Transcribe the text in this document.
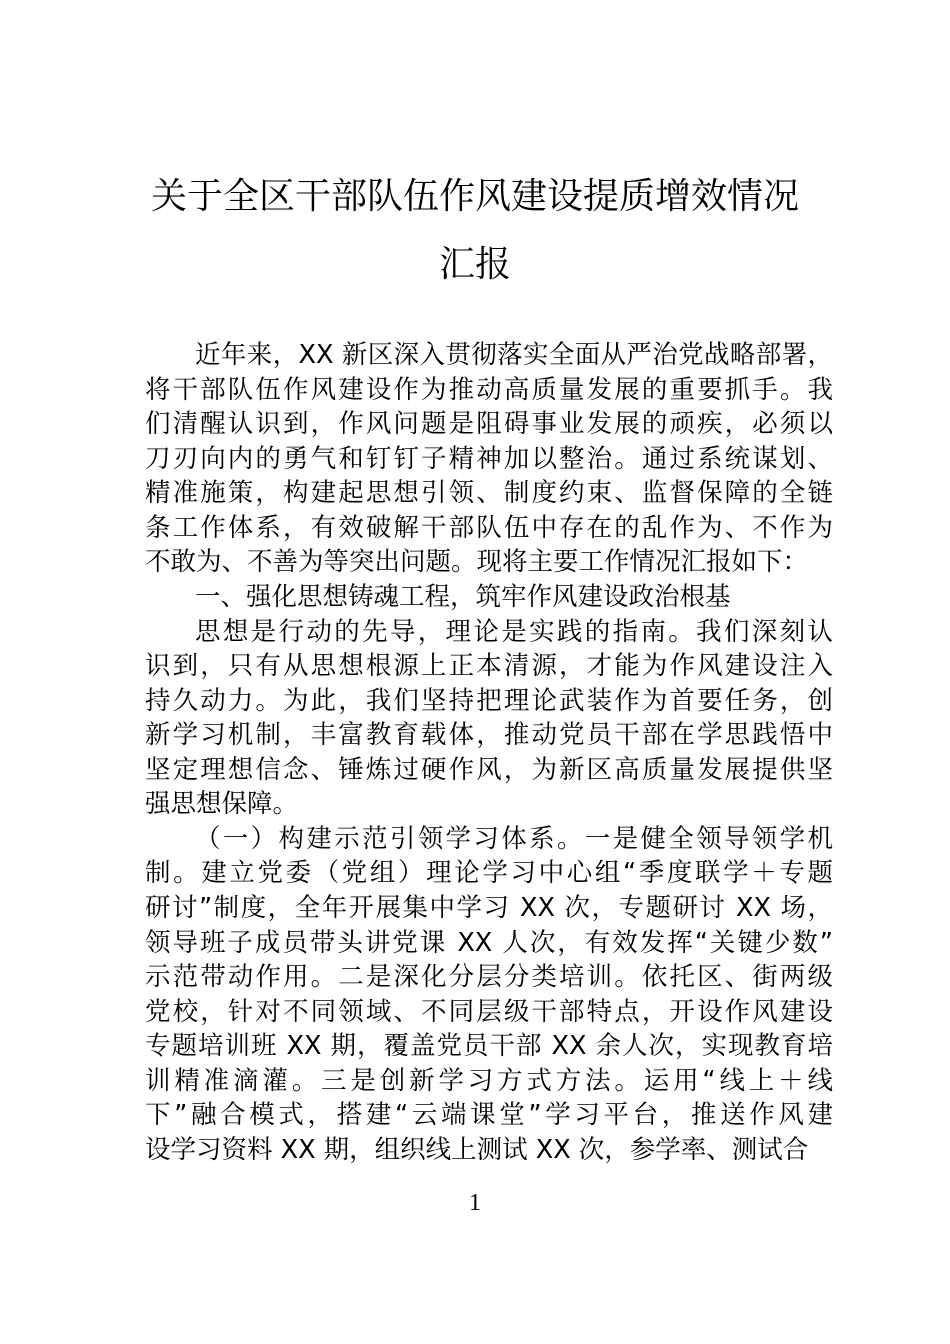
关于全区干部队伍作风建设提质增效情况
汇报
近年来，XX 新区深入贯彻落实全面从严治党战略部署，
将干部队伍作风建设作为推动高质量发展的重要抓手。我
们清醒认识到，作风问题是阻碍事业发展的顽疾，必须以
刀刃向内的勇气和钉钉子精神加以整治。通过系统谋划、
精准施策，构建起思想引领、制度约束、监督保障的全链
条工作体系，有效破解干部队伍中存在的乱作为、不作为
不敢为、不善为等突出问题。现将主要工作情况汇报如下：
一、强化思想铸魂工程，筑牢作风建设政治根基
思想是行动的先导，理论是实践的指南。我们深刻认
识到，只有从思想根源上正本清源，才能为作风建设注入
持久动力。为此，我们坚持把理论武装作为首要任务，创
新学习机制，丰富教育载体，推动党员干部在学思践悟中
坚定理想信念、锤炼过硬作风，为新区高质量发展提供坚
强思想保障。
（一）构建示范引领学习体系。一是健全领导领学机
制。建立党委（党组）理论学习中心组“季度联学＋专题
研讨”制度，全年开展集中学习 XX 次，专题研讨 XX 场，
领导班子成员带头讲党课 XX 人次，有效发挥“关键少数”
示范带动作用。二是深化分层分类培训。依托区、街两级
党校，针对不同领域、不同层级干部特点，开设作风建设
专题培训班 XX 期，覆盖党员干部 XX 余人次，实现教育培
训精准滴灌。三是创新学习方式方法。运用“线上＋线
下”融合模式，搭建“云端课堂”学习平台，推送作风建
设学习资料 XX 期，组织线上测试 XX 次，参学率、测试合
1
